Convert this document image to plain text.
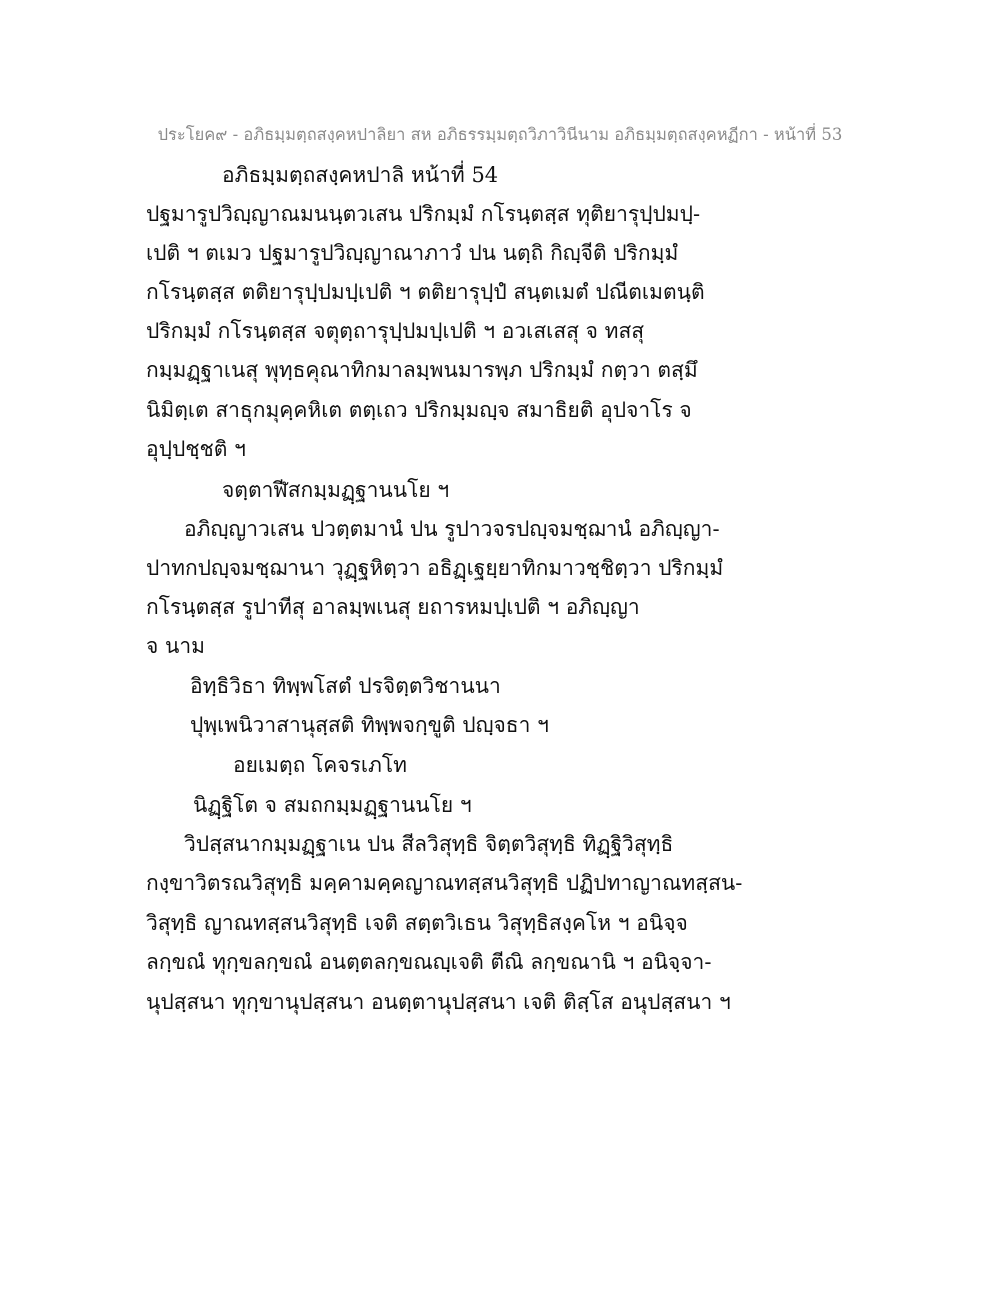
ประโยค๙ - อภิธมฺมตฺถสงฺคหปาลิยา สห อภิธรรมฺมตฺถวิภาวินีนาม อภิธมฺมตฺถสงฺคหฏีกา - หน้าที่ 53
อภิธมฺมตฺถสงฺคหปาลิ หน้าที่ 54
ปฐมารูปวิญฺญาณมนนฺตวเสน ปริกมฺมํ กโรนฺตสฺส ทุติยารุปฺปมปฺ-
เปติ ฯ ตเมว ปฐมารูปวิญฺญาณาภาวํ ปน นตฺถิ กิญฺจีติ ปริกมฺมํ
กโรนฺตสฺส ตติยารุปฺปมปฺเปติ ฯ ตติยารุปฺปํ สนฺตเมตํ ปณีตเมตนฺติ
ปริกมฺมํ กโรนฺตสฺส จตุตฺถารุปฺปมปฺเปติ ฯ อวเสเสสุ จ ทสสุ
กมฺมฏฺฐาเนสุ พุทฺธคุณาทิกมาลมฺพนมารพฺภ ปริกมฺมํ กตฺวา ตสฺมึ
นิมิตฺเต สาธุกมุคฺคหิเต ตตฺเถว ปริกมฺมญฺจ สมาธิยติ อุปจาโร จ
อุปฺปชฺชติ ฯ
จตฺตาฬีสกมฺมฏฺฐานนโย ฯ
อภิญฺญาวเสน ปวตฺตมานํ ปน รูปาวจรปญฺจมชฺฌานํ อภิญฺญา-
ปาทกปญฺจมชฺฌานา วุฏฺฐหิตฺวา อธิฏฺเฐยฺยาทิกมาวชฺชิตฺวา ปริกมฺมํ
กโรนฺตสฺส รูปาทีสุ อาลมฺพเนสุ ยถารหมปฺเปติ ฯ อภิญฺญา
จ นาม
อิทฺธิวิธา ทิพฺพโสตํ ปรจิตฺตวิชานนา
ปุพฺเพนิวาสานุสฺสติ ทิพฺพจกฺขูติ ปญฺจธา ฯ
อยเมตฺถ โคจรเภโท
นิฏฺฐิโต จ สมถกมฺมฏฺฐานนโย ฯ
วิปสฺสนากมฺมฏฺฐาเน ปน สีลวิสุทฺธิ จิตฺตวิสุทฺธิ ทิฏฺฐิวิสุทฺธิ
กงฺขาวิตรณวิสุทฺธิ มคฺคามคฺคญาณทสฺสนวิสุทฺธิ ปฏิปทาญาณทสฺสน-
วิสุทฺธิ ญาณทสฺสนวิสุทฺธิ เจติ สตฺตวิเธน วิสุทฺธิสงฺคโห ฯ อนิจฺจ
ลกฺขณํ ทุกฺขลกฺขณํ อนตฺตลกฺขณญฺเจติ ตีณิ ลกฺขณานิ ฯ อนิจฺจา-
นุปสฺสนา ทุกฺขานุปสฺสนา อนตฺตานุปสฺสนา เจติ ติสฺโส อนุปสฺสนา ฯ
